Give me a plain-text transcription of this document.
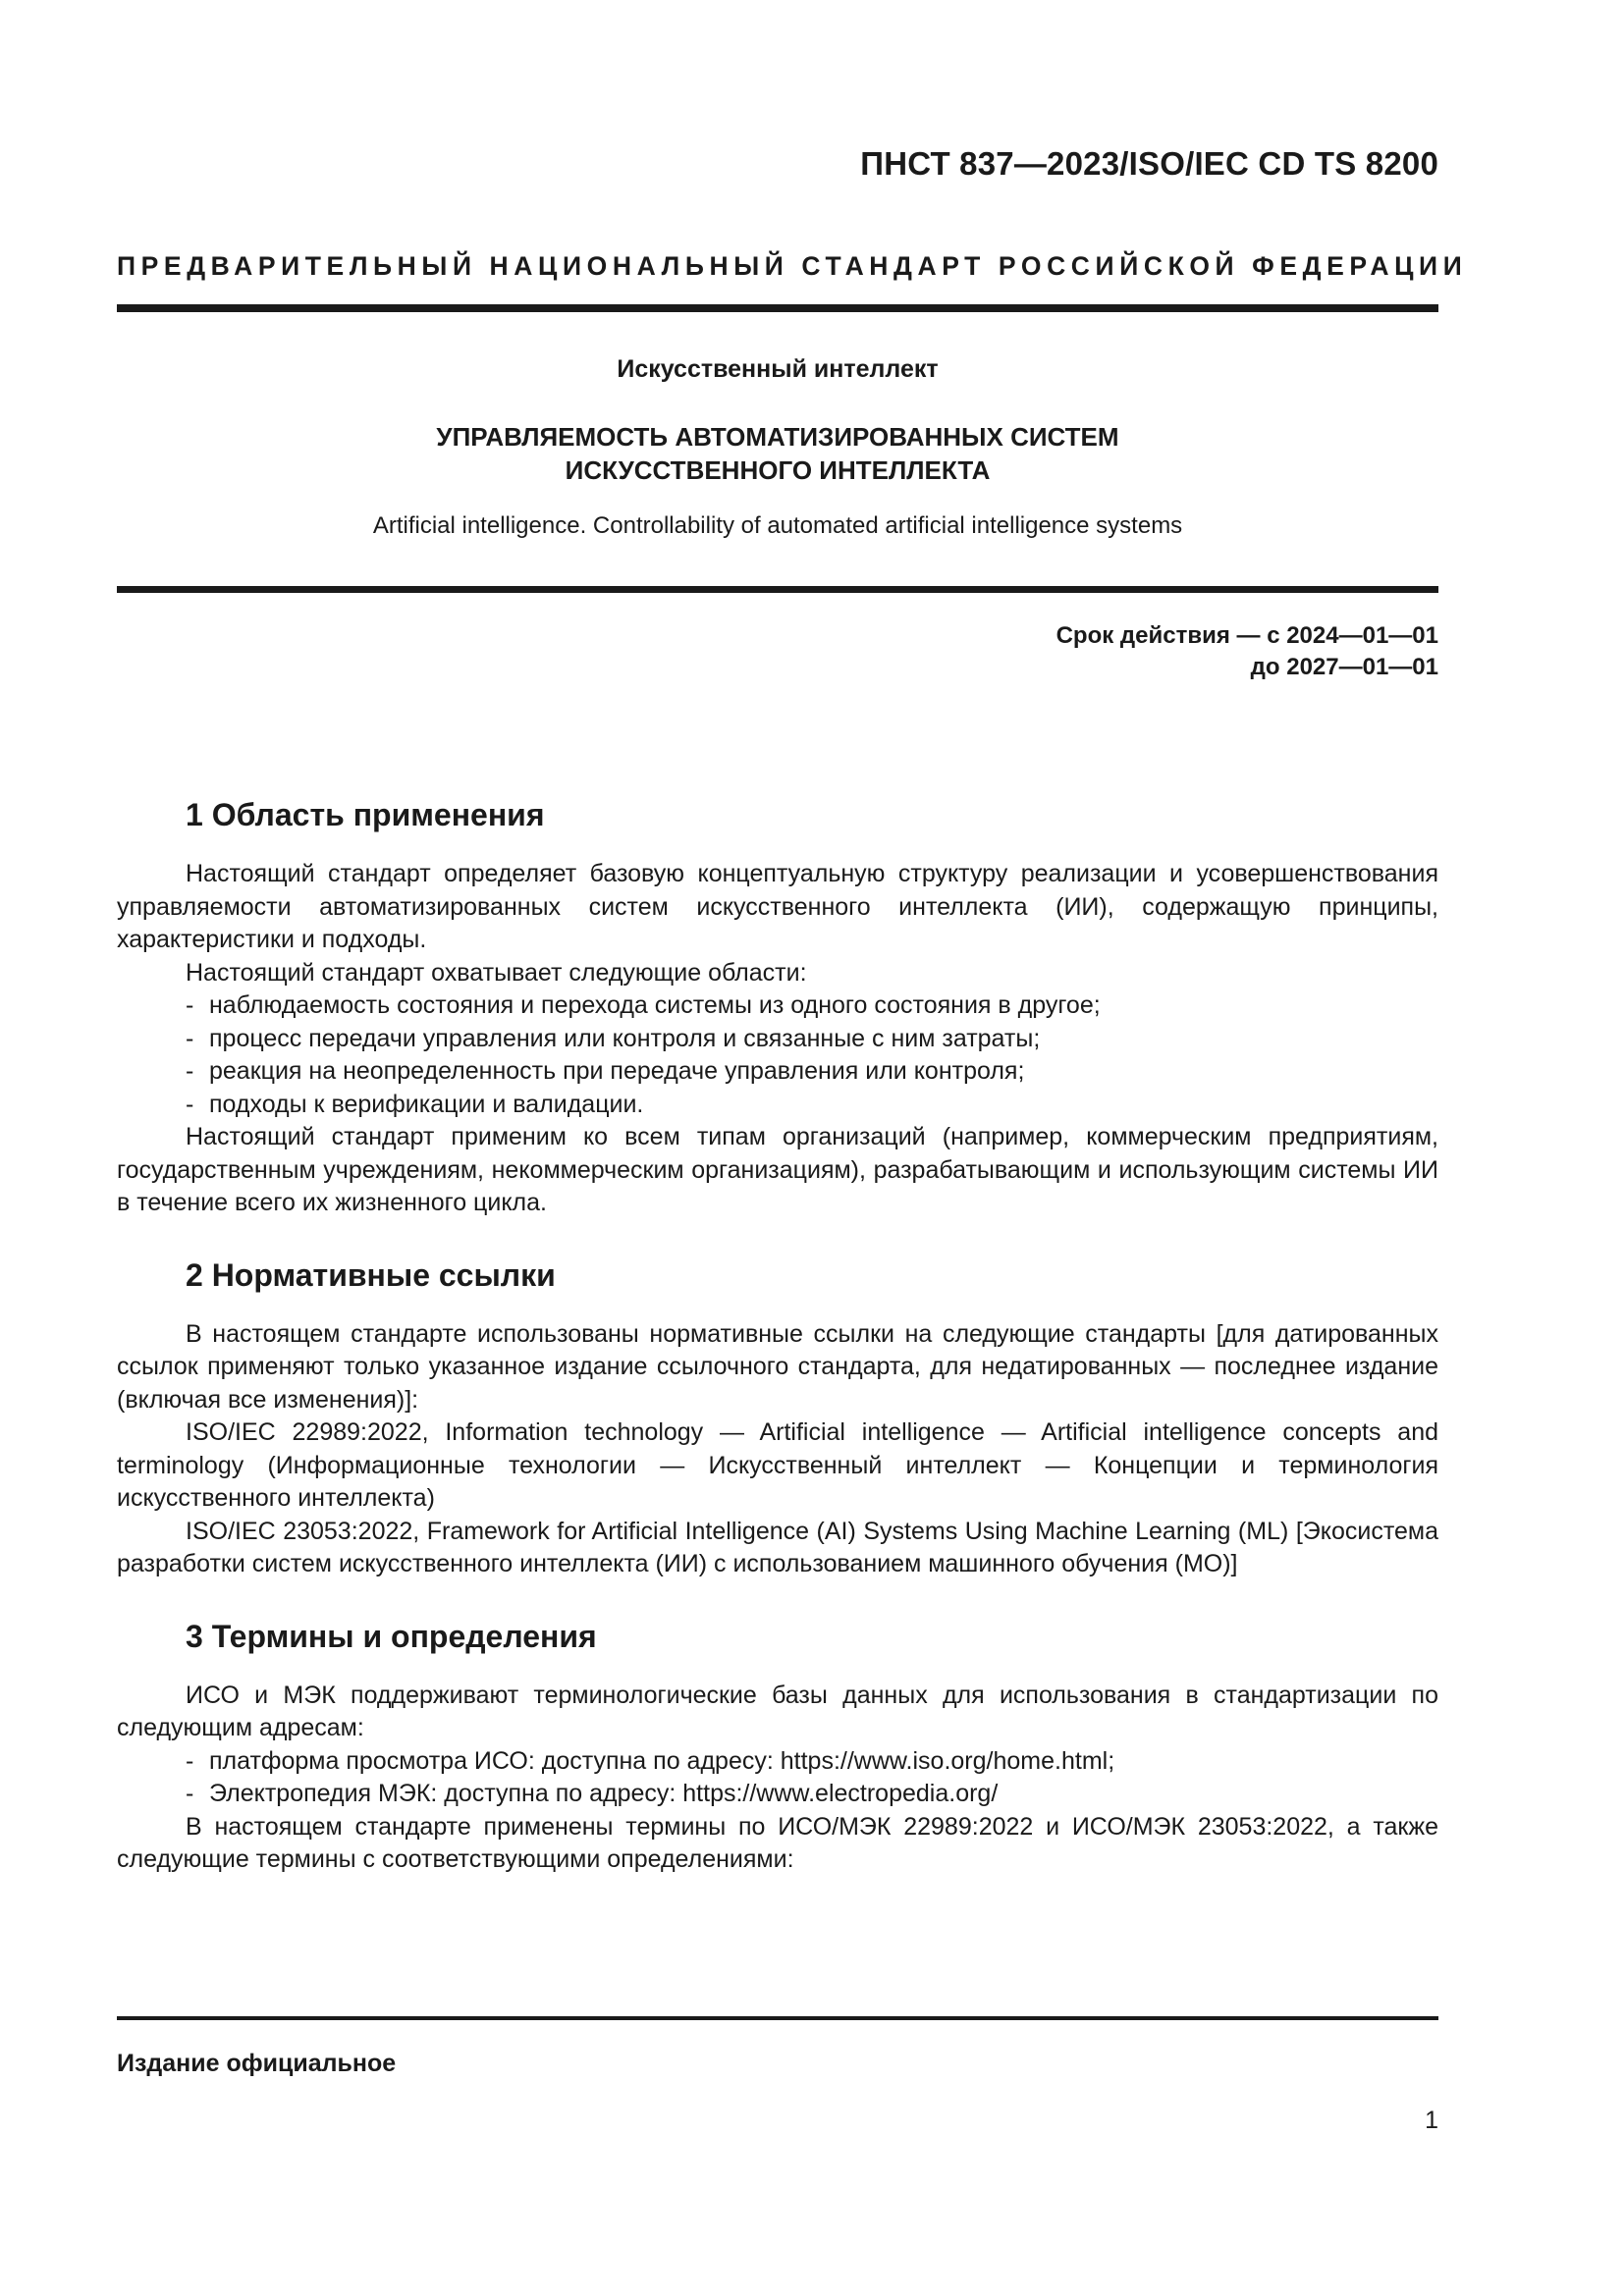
ПНСТ 837—2023/ISO/IEC CD TS 8200
ПРЕДВАРИТЕЛЬНЫЙ НАЦИОНАЛЬНЫЙ СТАНДАРТ РОССИЙСКОЙ ФЕДЕРАЦИИ
Искусственный интеллект
УПРАВЛЯЕМОСТЬ АВТОМАТИЗИРОВАННЫХ СИСТЕМ
ИСКУССТВЕННОГО ИНТЕЛЛЕКТА
Artificial intelligence. Controllability of automated artificial intelligence systems
Срок действия — с 2024—01—01
до 2027—01—01
1 Область применения

Настоящий стандарт определяет базовую концептуальную структуру реализации и усовершенствования управляемости автоматизированных систем искусственного интеллекта (ИИ), содержащую принципы, характеристики и подходы.

Настоящий стандарт охватывает следующие области:

- наблюдаемость состояния и перехода системы из одного состояния в другое;

- процесс передачи управления или контроля и связанные с ним затраты;

- реакция на неопределенность при передаче управления или контроля;

- подходы к верификации и валидации.

Настоящий стандарт применим ко всем типам организаций (например, коммерческим предприятиям, государственным учреждениям, некоммерческим организациям), разрабатывающим и использующим системы ИИ в течение всего их жизненного цикла.

2 Нормативные ссылки

В настоящем стандарте использованы нормативные ссылки на следующие стандарты [для датированных ссылок применяют только указанное издание ссылочного стандарта, для недатированных — последнее издание (включая все изменения)]:

ISO/IEC 22989:2022, Information technology — Artificial intelligence — Artificial intelligence concepts and terminology (Информационные технологии — Искусственный интеллект — Концепции и терминология искусственного интеллекта)

ISO/IEC 23053:2022, Framework for Artificial Intelligence (AI) Systems Using Machine Learning (ML) [Экосистема разработки систем искусственного интеллекта (ИИ) с использованием машинного обучения (МО)]

3 Термины и определения

ИСО и МЭК поддерживают терминологические базы данных для использования в стандартизации по следующим адресам:

- платформа просмотра ИСО: доступна по адресу: https://www.iso.org/home.html;

- Электропедия МЭК: доступна по адресу: https://www.electropedia.org/

В настоящем стандарте применены термины по ИСО/МЭК 22989:2022 и ИСО/МЭК 23053:2022, а также следующие термины с соответствующими определениями:

Издание официальное
1
